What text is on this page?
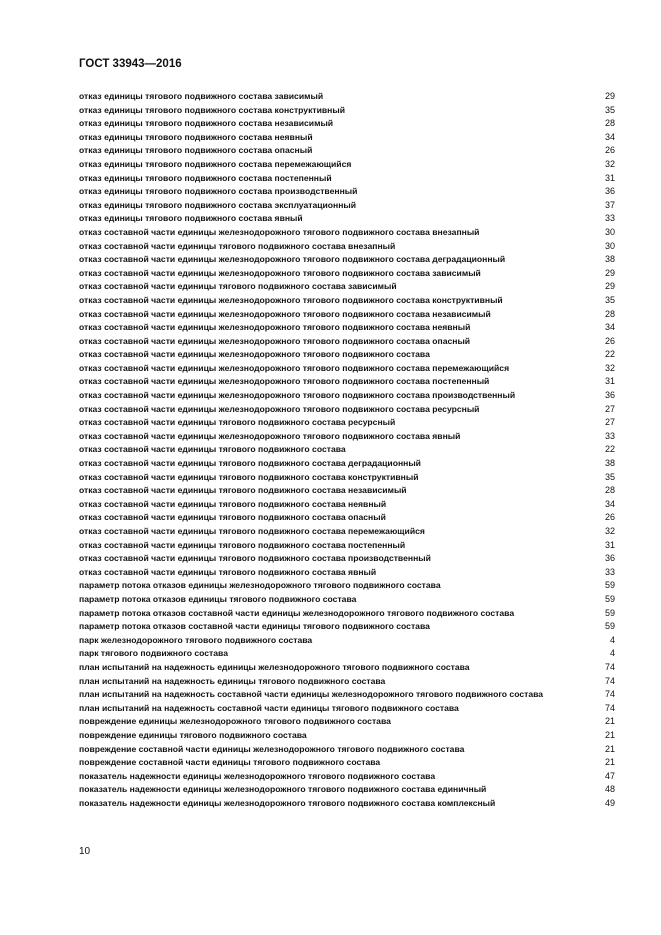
ГОСТ 33943—2016
отказ единицы тягового подвижного состава зависимый	29
отказ единицы тягового подвижного состава конструктивный	35
отказ единицы тягового подвижного состава независимый	28
отказ единицы тягового подвижного состава неявный	34
отказ единицы тягового подвижного состава опасный	26
отказ единицы тягового подвижного состава перемежающийся	32
отказ единицы тягового подвижного состава постепенный	31
отказ единицы тягового подвижного состава производственный	36
отказ единицы тягового подвижного состава эксплуатационный	37
отказ единицы тягового подвижного состава явный	33
отказ составной части единицы железнодорожного тягового подвижного состава внезапный	30
отказ составной части единицы тягового подвижного состава внезапный	30
отказ составной части единицы железнодорожного тягового подвижного состава деградационный	38
отказ составной части единицы железнодорожного тягового подвижного состава зависимый	29
отказ составной части единицы тягового подвижного состава зависимый	29
отказ составной части единицы железнодорожного тягового подвижного состава конструктивный	35
отказ составной части единицы железнодорожного тягового подвижного состава независимый	28
отказ составной части единицы железнодорожного тягового подвижного состава неявный	34
отказ составной части единицы железнодорожного тягового подвижного состава опасный	26
отказ составной части единицы железнодорожного тягового подвижного состава	22
отказ составной части единицы железнодорожного тягового подвижного состава перемежающийся	32
отказ составной части единицы железнодорожного тягового подвижного состава постепенный	31
отказ составной части единицы железнодорожного тягового подвижного состава производственный	36
отказ составной части единицы железнодорожного тягового подвижного состава ресурсный	27
отказ составной части единицы тягового подвижного состава ресурсный	27
отказ составной части единицы железнодорожного тягового подвижного состава явный	33
отказ составной части единицы тягового подвижного состава	22
отказ составной части единицы тягового подвижного состава деградационный	38
отказ составной части единицы тягового подвижного состава конструктивный	35
отказ составной части единицы тягового подвижного состава независимый	28
отказ составной части единицы тягового подвижного состава неявный	34
отказ составной части единицы тягового подвижного состава опасный	26
отказ составной части единицы тягового подвижного состава перемежающийся	32
отказ составной части единицы тягового подвижного состава постепенный	31
отказ составной части единицы тягового подвижного состава производственный	36
отказ составной части единицы тягового подвижного состава явный	33
параметр потока отказов единицы железнодорожного тягового подвижного состава	59
параметр потока отказов единицы тягового подвижного состава	59
параметр потока отказов составной части единицы железнодорожного тягового подвижного состава	59
параметр потока отказов составной части единицы тягового подвижного состава	59
парк железнодорожного тягового подвижного состава	4
парк тягового подвижного состава	4
план испытаний на надежность единицы железнодорожного тягового подвижного состава	74
план испытаний на надежность единицы тягового подвижного состава	74
план испытаний на надежность составной части единицы железнодорожного тягового подвижного состава	74
план испытаний на надежность составной части единицы тягового подвижного состава	74
повреждение единицы железнодорожного тягового подвижного состава	21
повреждение единицы тягового подвижного состава	21
повреждение составной части единицы железнодорожного тягового подвижного состава	21
повреждение составной части единицы тягового подвижного состава	21
показатель надежности единицы железнодорожного тягового подвижного состава	47
показатель надежности единицы железнодорожного тягового подвижного состава единичный	48
показатель надежности единицы железнодорожного тягового подвижного состава комплексный	49
10
